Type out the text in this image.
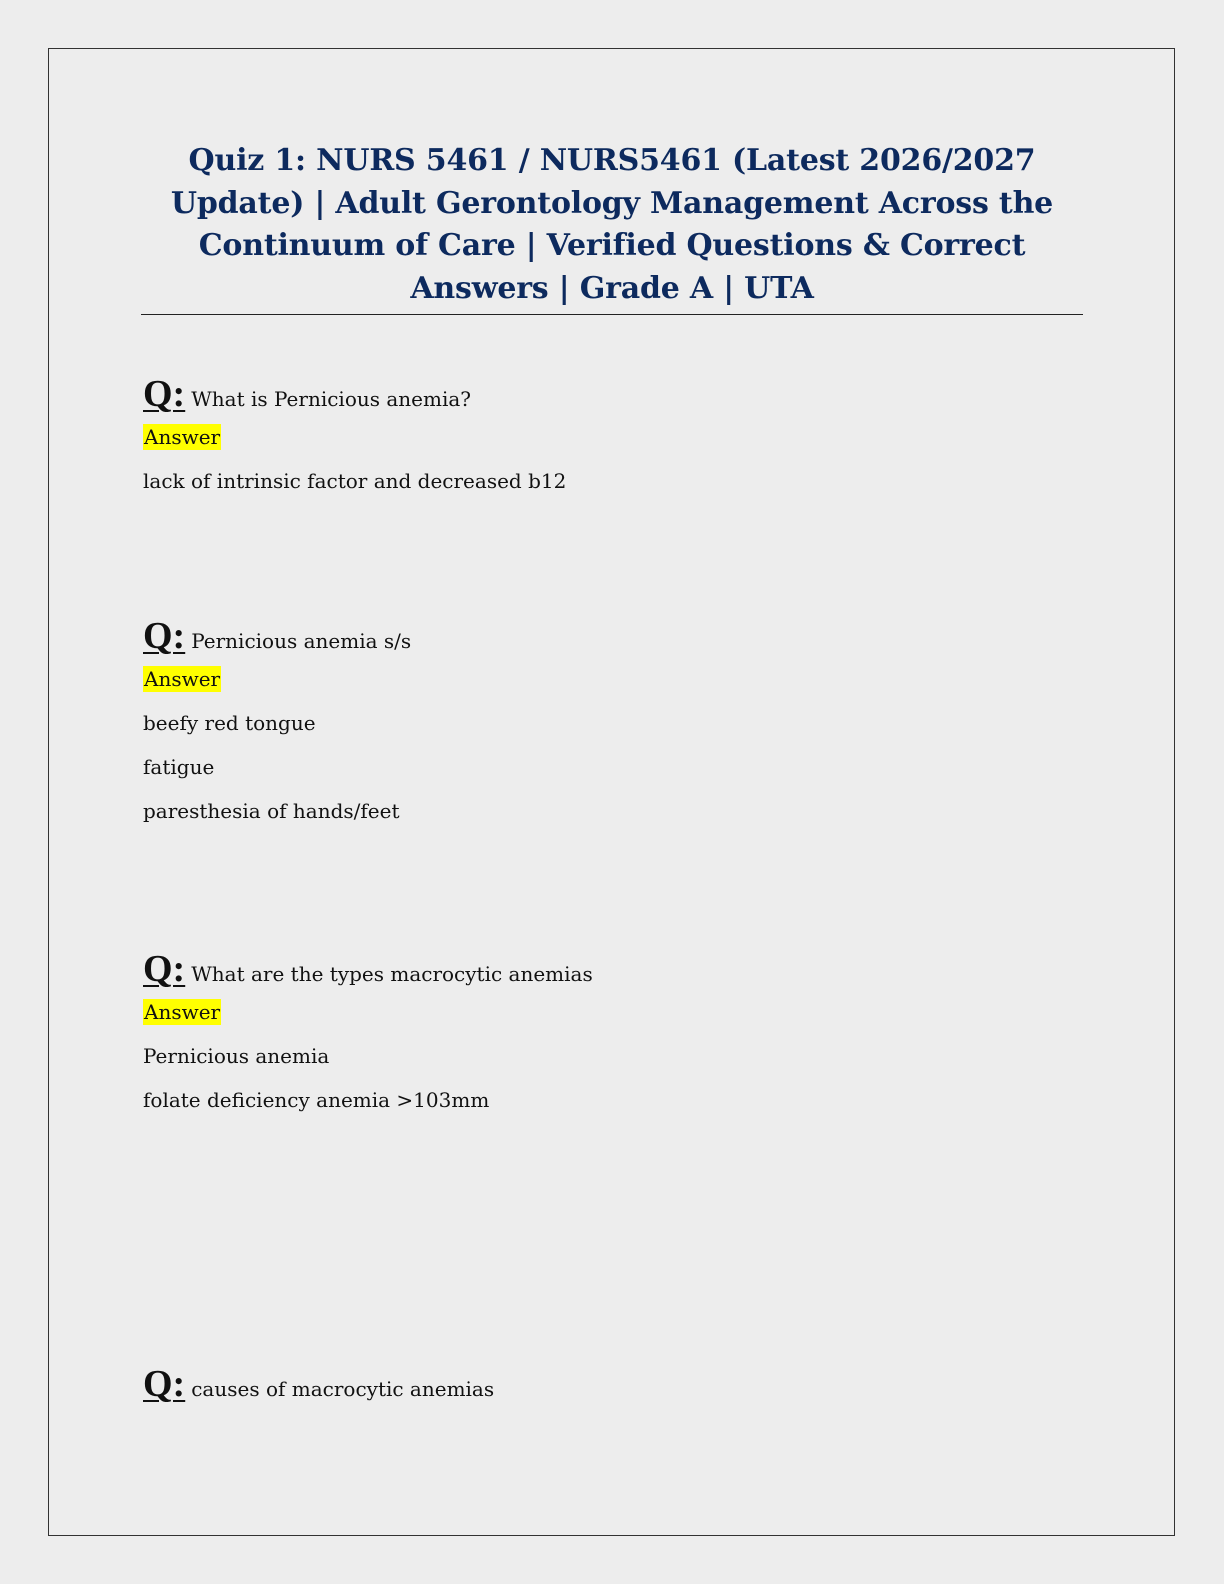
Quiz 1: NURS 5461 / NURS5461 (Latest 2026/2027 Update) | Adult Gerontology Management Across the Continuum of Care | Verified Questions & Correct Answers | Grade A | UTA
Q: What is Pernicious anemia?
Answer
lack of intrinsic factor and decreased b12
Q: Pernicious anemia s/s
Answer
beefy red tongue
fatigue
paresthesia of hands/feet
Q: What are the types macrocytic anemias
Answer
Pernicious anemia
folate deficiency anemia >103mm
Q: causes of macrocytic anemias
